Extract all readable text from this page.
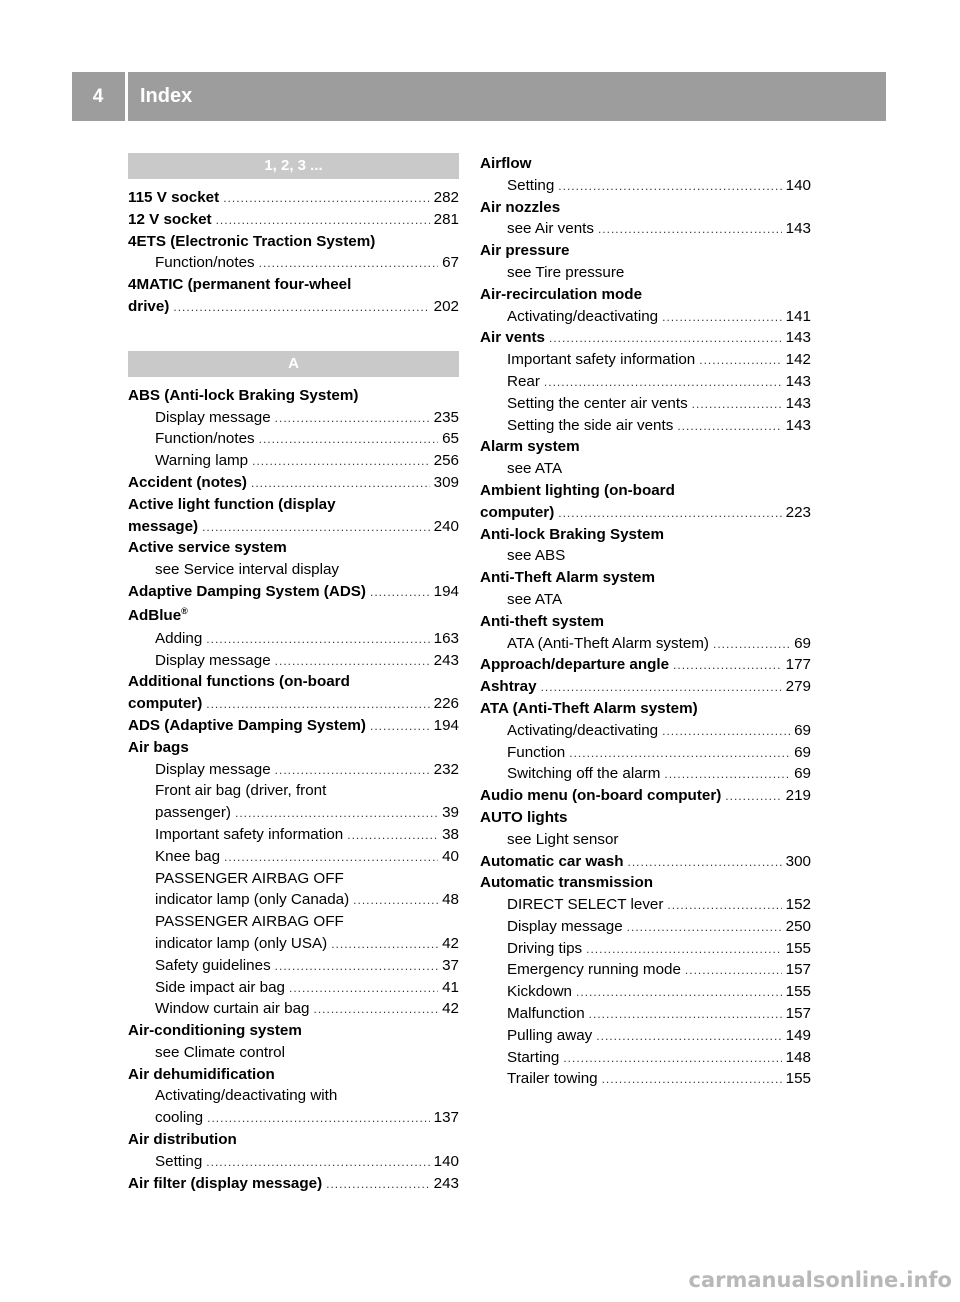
4	Index
1, 2, 3 ...
115 V socket .....	282
12 V socket .....	281
4ETS (Electronic Traction System)
Function/notes .....	67
4MATIC (permanent four-wheel
drive) .....	202
A
ABS (Anti-lock Braking System)
Display message .....	235
Function/notes .....	65
Warning lamp .....	256
Accident (notes) .....	309
Active light function (display
message) .....	240
Active service system
see Service interval display
Adaptive Damping System (ADS) .....	194
AdBlue®
Adding .....	163
Display message .....	243
Additional functions (on-board
computer) .....	226
ADS (Adaptive Damping System) .....	194
Air bags
Display message .....	232
Front air bag (driver, front
passenger) .....	39
Important safety information .....	38
Knee bag .....	40
PASSENGER AIRBAG OFF
indicator lamp (only Canada) .....	48
PASSENGER AIRBAG OFF
indicator lamp (only USA) .....	42
Safety guidelines .....	37
Side impact air bag .....	41
Window curtain air bag .....	42
Air-conditioning system
see Climate control
Air dehumidification
Activating/deactivating with
cooling .....	137
Air distribution
Setting .....	140
Air filter (display message) .....	243
Airflow
Setting .....	140
Air nozzles
see Air vents .....	143
Air pressure
see Tire pressure
Air-recirculation mode
Activating/deactivating .....	141
Air vents .....	143
Important safety information .....	142
Rear .....	143
Setting the center air vents .....	143
Setting the side air vents .....	143
Alarm system
see ATA
Ambient lighting (on-board
computer) .....	223
Anti-lock Braking System
see ABS
Anti-Theft Alarm system
see ATA
Anti-theft system
ATA (Anti-Theft Alarm system) .....	69
Approach/departure angle .....	177
Ashtray .....	279
ATA (Anti-Theft Alarm system)
Activating/deactivating .....	69
Function .....	69
Switching off the alarm .....	69
Audio menu (on-board computer) .....	219
AUTO lights
see Light sensor
Automatic car wash .....	300
Automatic transmission
DIRECT SELECT lever .....	152
Display message .....	250
Driving tips .....	155
Emergency running mode .....	157
Kickdown .....	155
Malfunction .....	157
Pulling away .....	149
Starting .....	148
Trailer towing .....	155
carmanualsonline.info
